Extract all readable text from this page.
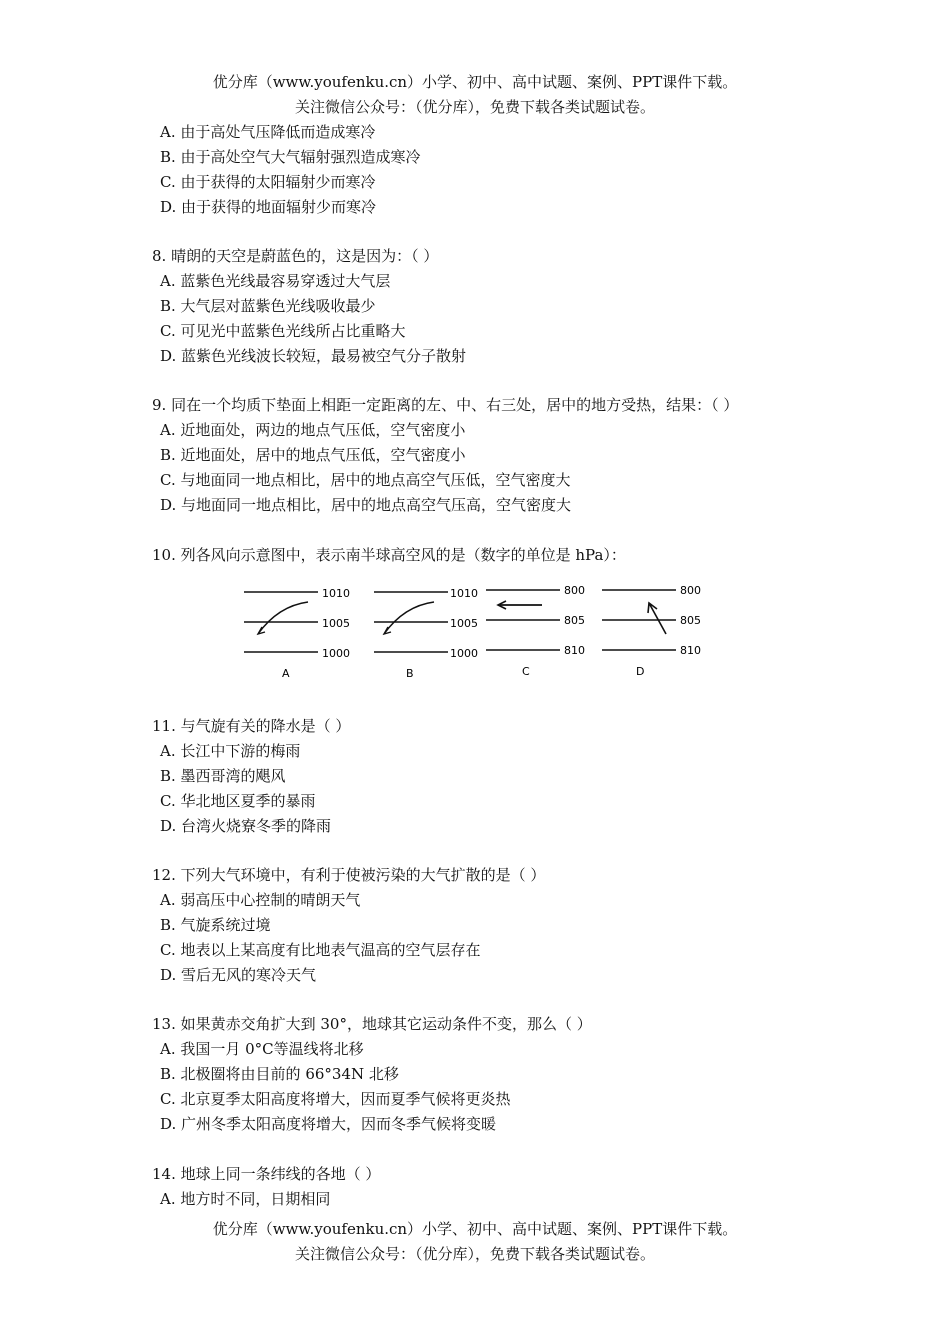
优分库（www.youfenku.cn）小学、初中、高中试题、案例、PPT课件下载。
关注微信公众号：（优分库），免费下载各类试题试卷。
A. 由于高处气压降低而造成寒冷
B. 由于高处空气大气辐射强烈造成寒冷
C. 由于获得的太阳辐射少而寒冷
D. 由于获得的地面辐射少而寒冷
8. 晴朗的天空是蔚蓝色的，这是因为：（ ）
A. 蓝紫色光线最容易穿透过大气层
B. 大气层对蓝紫色光线吸收最少
C. 可见光中蓝紫色光线所占比重略大
D. 蓝紫色光线波长较短，最易被空气分子散射
9. 同在一个均质下垫面上相距一定距离的左、中、右三处，居中的地方受热，结果：（ ）
A. 近地面处，两边的地点气压低，空气密度小
B. 近地面处，居中的地点气压低，空气密度小
C. 与地面同一地点相比，居中的地点高空气压低，空气密度大
D. 与地面同一地点相比，居中的地点高空气压高，空气密度大
10. 列各风向示意图中，表示南半球高空风的是（数字的单位是 hPa）：
1010
1005
1000
A
1010
1005
1000
B
800
805
810
C
800
805
810
D
11. 与气旋有关的降水是（ ）
A. 长江中下游的梅雨
B. 墨西哥湾的飓风
C. 华北地区夏季的暴雨
D. 台湾火烧寮冬季的降雨
12. 下列大气环境中，有利于使被污染的大气扩散的是（ ）
A. 弱高压中心控制的晴朗天气
B. 气旋系统过境
C. 地表以上某高度有比地表气温高的空气层存在
D. 雪后无风的寒冷天气
13. 如果黄赤交角扩大到 30°，地球其它运动条件不变，那么（ ）
A. 我国一月 0°C等温线将北移
B. 北极圈将由目前的 66°34N 北移
C. 北京夏季太阳高度将增大，因而夏季气候将更炎热
D. 广州冬季太阳高度将增大，因而冬季气候将变暖
14. 地球上同一条纬线的各地（ ）
A. 地方时不同，日期相同
优分库（www.youfenku.cn）小学、初中、高中试题、案例、PPT课件下载。
关注微信公众号：（优分库），免费下载各类试题试卷。
